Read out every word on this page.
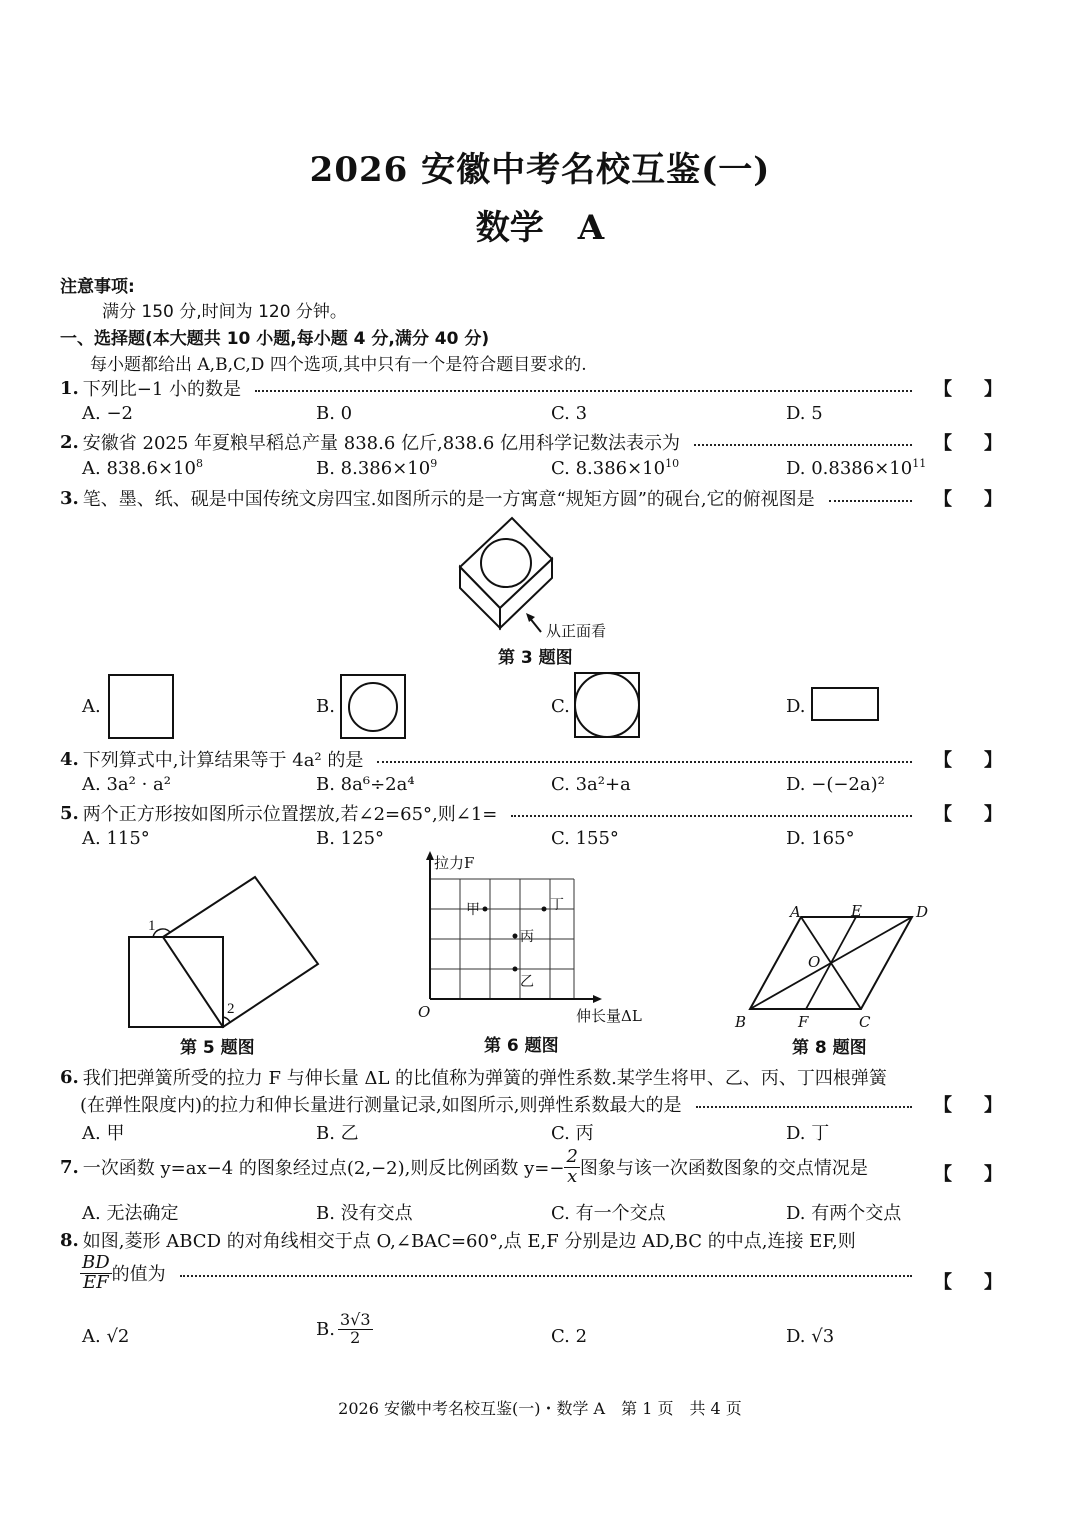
2026 安徽中考名校互鉴(一)
数学　A
注意事项:
满分 150 分,时间为 120 分钟。
一、选择题(本大题共 10 小题,每小题 4 分,满分 40 分)
每小题都给出 A,B,C,D 四个选项,其中只有一个是符合题目要求的.
1. 下列比−1 小的数是	【 】
A. −2	B. 0	C. 3	D. 5
2. 安徽省 2025 年夏粮早稻总产量 838.6 亿斤,838.6 亿用科学记数法表示为	【 】
A. $838.6\times 10^8$	B. $8.386\times 10^9$	C. $8.386\times 10^{10}$	D. $0.8386\times 10^{11}$
3. 笔、墨、纸、砚是中国传统文房四宝.如图所示的是一方寓意“规矩方圆”的砚台,它的俯视图是	【 】
从正面看
第 3 题图
A.	B.	C.	D.
4. 下列算式中,计算结果等于 4a² 的是	【 】
A. 3a² · a²	B. 8a⁶÷2a⁴	C. 3a²+a	D. −(−2a)²
5. 两个正方形按如图所示位置摆放,若∠2=65°,则∠1=	【 】
A. 115°	B. 125°	C. 155°	D. 165°
1
2
第 5 题图
拉力F
伸长量ΔL
O
甲	丁
丙
乙
第 6 题图
A	E	D
O
B	F	C
第 8 题图
6. 我们把弹簧所受的拉力 F 与伸长量 ΔL 的比值称为弹簧的弹性系数.某学生将甲、乙、丙、丁四根弹簧
(在弹性限度内)的拉力和伸长量进行测量记录,如图所示,则弹性系数最大的是	【 】
A. 甲	B. 乙	C. 丙	D. 丁
7. 一次函数 y=ax−4 的图象经过点(2,−2),则反比例函数 $y=- \frac{2}{x}$ 图象与该一次函数图象的交点情况是	【 】
A. 无法确定	B. 没有交点	C. 有一个交点	D. 有两个交点
8. 如图,菱形 ABCD 的对角线相交于点 O,∠BAC=60°,点 E,F 分别是边 AD,BC 的中点,连接 EF,则
$\frac{BD}{EF}$ 的值为	【 】
A. √2	B. $\frac{3√3}{2}$	C. 2	D. √3
2026 安徽中考名校互鉴(一)・数学 A　第 1 页　共 4 页
